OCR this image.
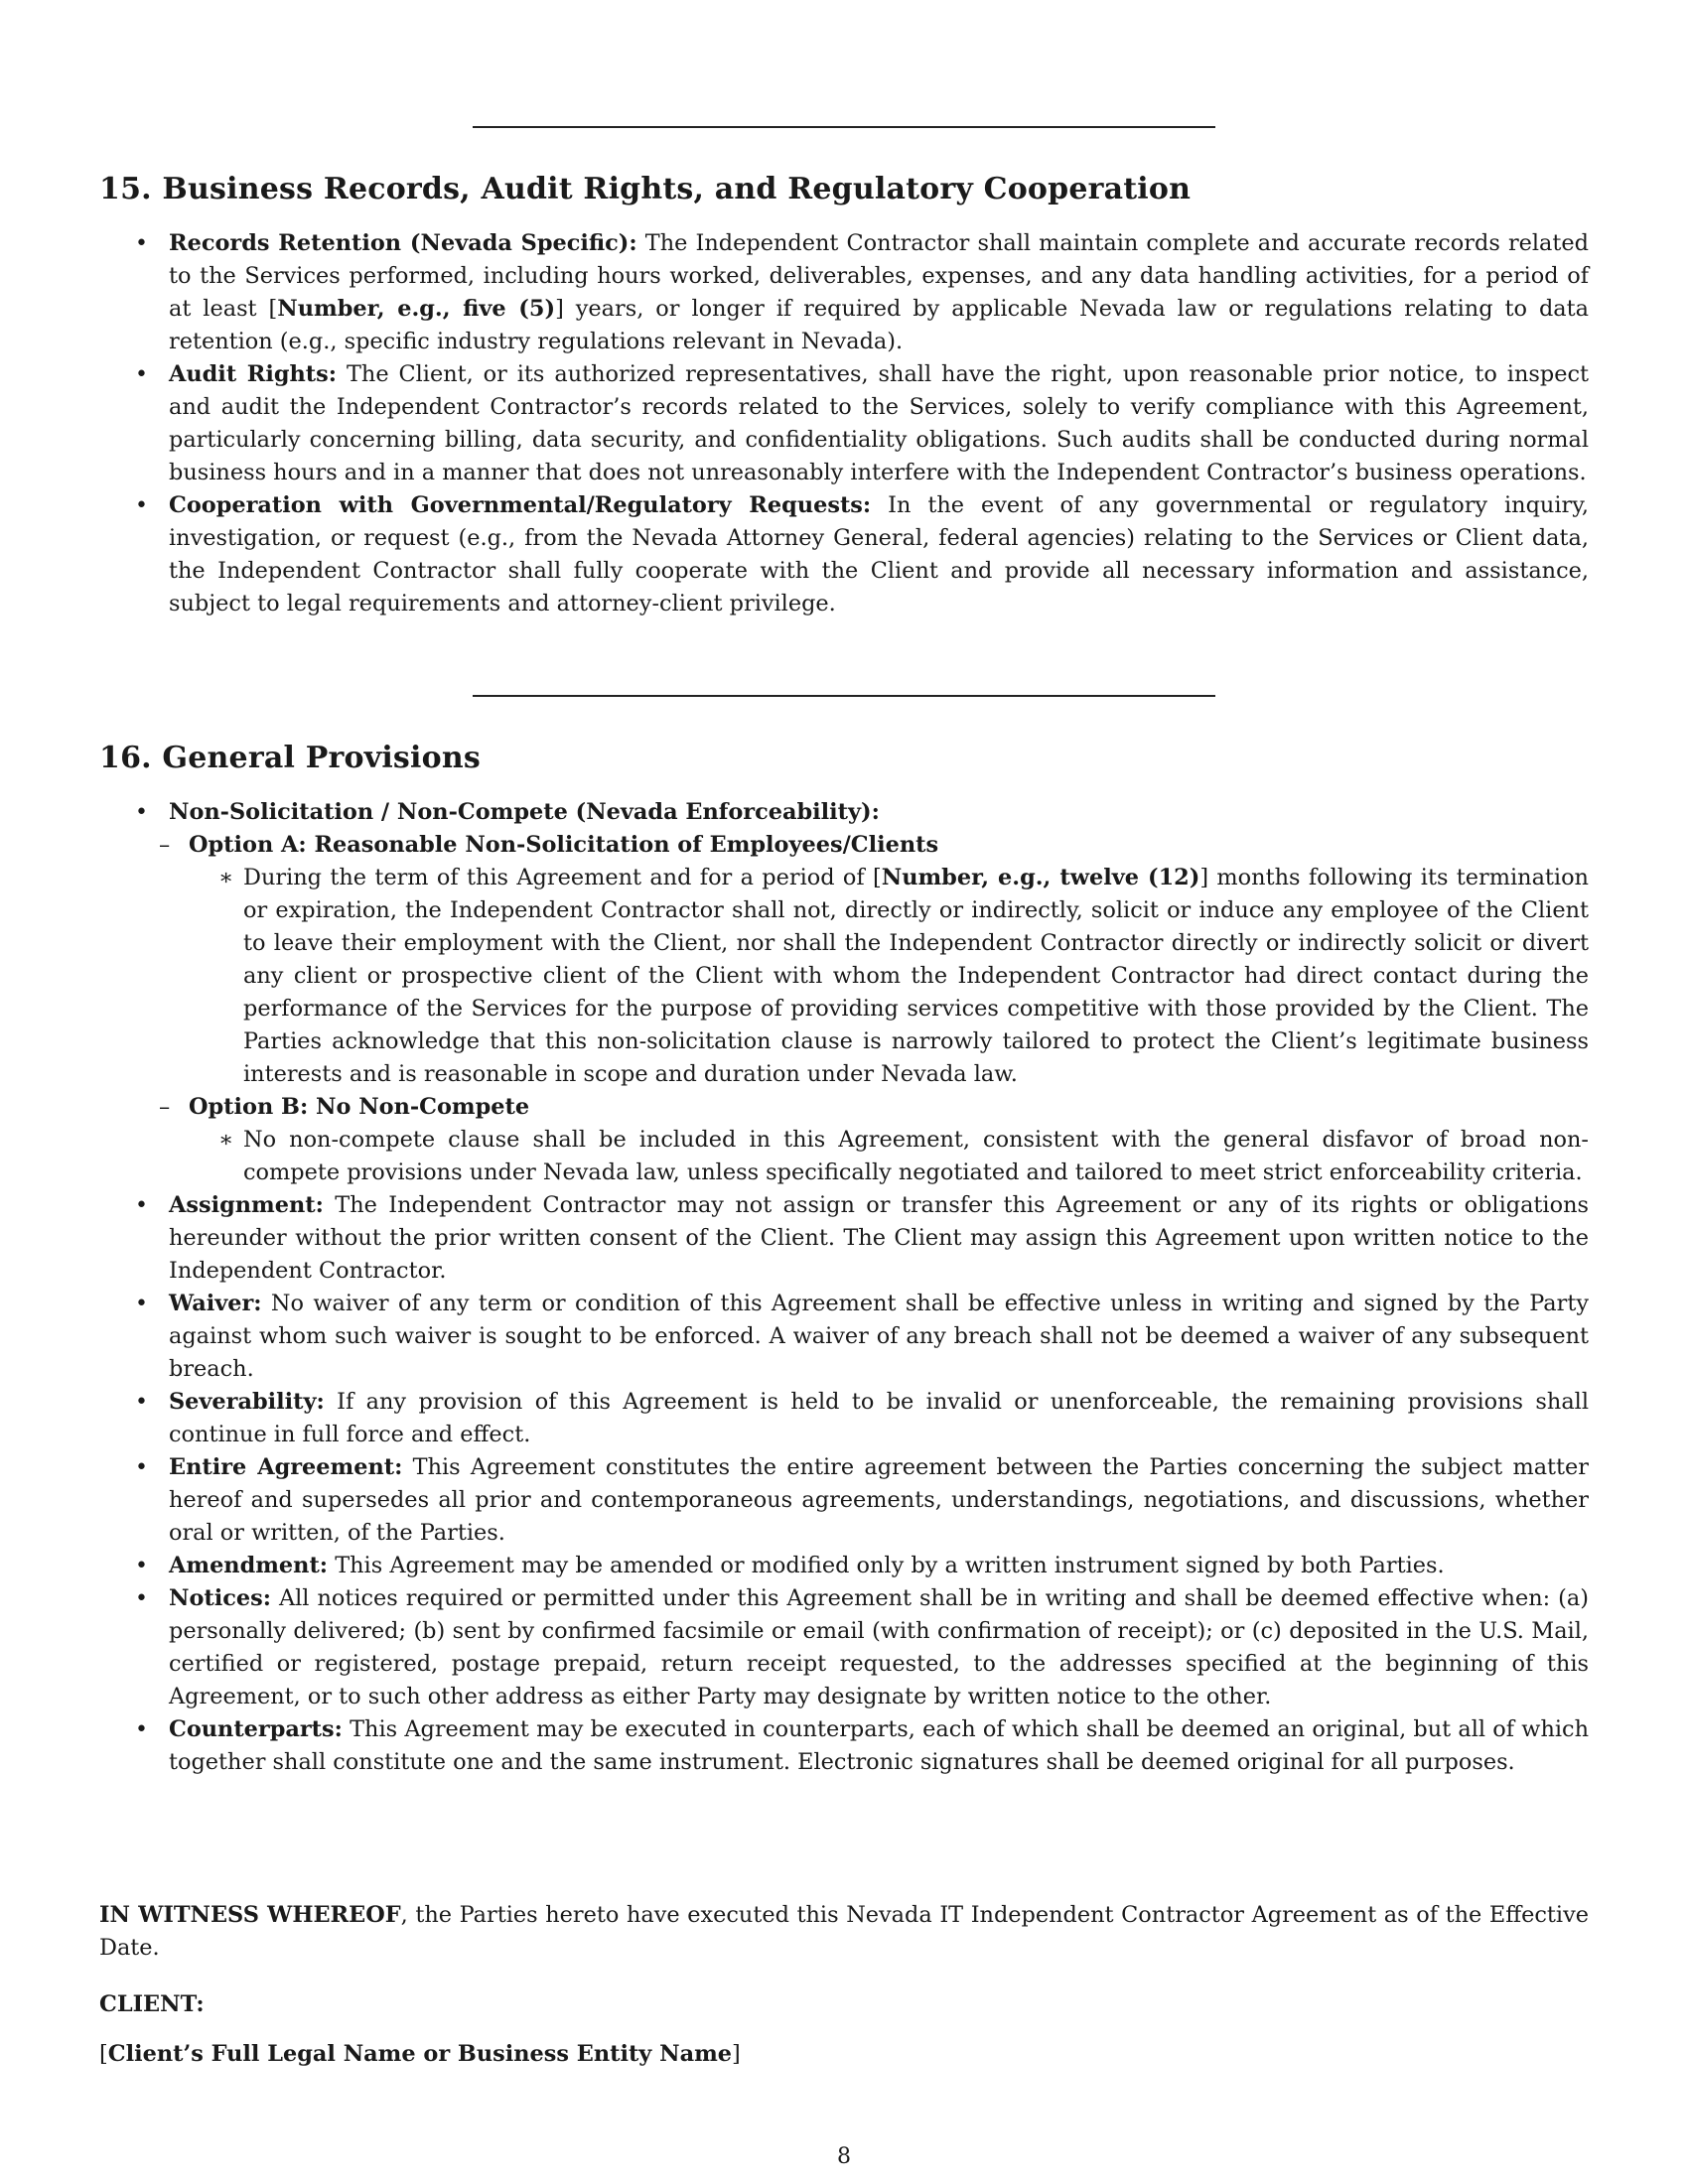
15. Business Records, Audit Rights, and Regulatory Cooperation
• Records Retention (Nevada Specific): The Independent Contractor shall maintain complete and accurate records related to the Services performed, including hours worked, deliverables, expenses, and any data handling activities, for a period of at least [Number, e.g., five (5)] years, or longer if required by applicable Nevada law or regulations relating to data retention (e.g., specific industry regulations relevant in Nevada).
• Audit Rights: The Client, or its authorized representatives, shall have the right, upon reasonable prior notice, to inspect and audit the Independent Contractor’s records related to the Services, solely to verify compliance with this Agreement, particularly concerning billing, data security, and confidentiality obligations. Such audits shall be conducted during normal business hours and in a manner that does not unreasonably interfere with the Independent Contractor’s business operations.
• Cooperation with Governmental/Regulatory Requests: In the event of any governmental or regulatory inquiry, investigation, or request (e.g., from the Nevada Attorney General, federal agencies) relating to the Services or Client data, the Independent Contractor shall fully cooperate with the Client and provide all necessary information and assistance, subject to legal requirements and attorney-client privilege.
16. General Provisions
• Non-Solicitation / Non-Compete (Nevada Enforceability):
– Option A: Reasonable Non-Solicitation of Employees/Clients
∗ During the term of this Agreement and for a period of [Number, e.g., twelve (12)] months following its termination or expiration, the Independent Contractor shall not, directly or indirectly, solicit or induce any employee of the Client to leave their employment with the Client, nor shall the Independent Contractor directly or indirectly solicit or divert any client or prospective client of the Client with whom the Independent Contractor had direct contact during the performance of the Services for the purpose of providing services competitive with those provided by the Client. The Parties acknowledge that this non-solicitation clause is narrowly tailored to protect the Client’s legitimate business interests and is reasonable in scope and duration under Nevada law.
– Option B: No Non-Compete
∗ No non-compete clause shall be included in this Agreement, consistent with the general disfavor of broad non-compete provisions under Nevada law, unless specifically negotiated and tailored to meet strict enforceability criteria.
• Assignment: The Independent Contractor may not assign or transfer this Agreement or any of its rights or obligations hereunder without the prior written consent of the Client. The Client may assign this Agreement upon written notice to the Independent Contractor.
• Waiver: No waiver of any term or condition of this Agreement shall be effective unless in writing and signed by the Party against whom such waiver is sought to be enforced. A waiver of any breach shall not be deemed a waiver of any subsequent breach.
• Severability: If any provision of this Agreement is held to be invalid or unenforceable, the remaining provisions shall continue in full force and effect.
• Entire Agreement: This Agreement constitutes the entire agreement between the Parties concerning the subject matter hereof and supersedes all prior and contemporaneous agreements, understandings, negotiations, and discussions, whether oral or written, of the Parties.
• Amendment: This Agreement may be amended or modified only by a written instrument signed by both Parties.
• Notices: All notices required or permitted under this Agreement shall be in writing and shall be deemed effective when: (a) personally delivered; (b) sent by confirmed facsimile or email (with confirmation of receipt); or (c) deposited in the U.S. Mail, certified or registered, postage prepaid, return receipt requested, to the addresses specified at the beginning of this Agreement, or to such other address as either Party may designate by written notice to the other.
• Counterparts: This Agreement may be executed in counterparts, each of which shall be deemed an original, but all of which together shall constitute one and the same instrument. Electronic signatures shall be deemed original for all purposes.
IN WITNESS WHEREOF, the Parties hereto have executed this Nevada IT Independent Contractor Agreement as of the Effective Date.
CLIENT:
[Client’s Full Legal Name or Business Entity Name]
8
